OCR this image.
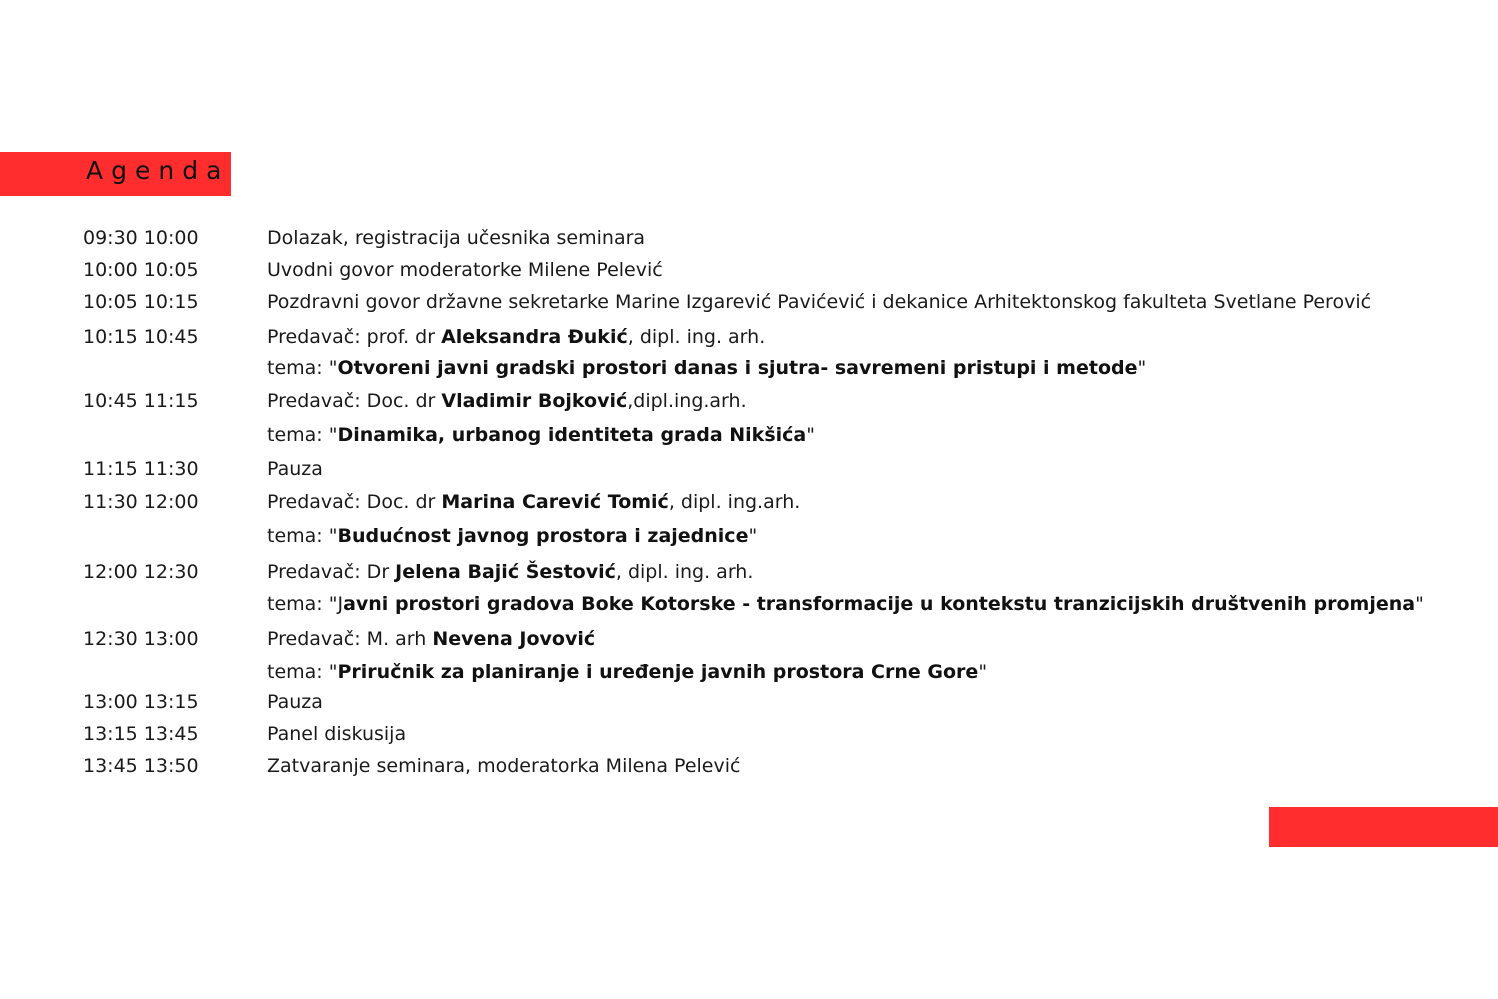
Agenda
09:30 10:00	Dolazak, registracija učesnika seminara
10:00 10:05	Uvodni govor moderatorke Milene Pelević
10:05 10:15	Pozdravni govor državne sekretarke Marine Izgarević Pavićević i dekanice Arhitektonskog fakulteta Svetlane Perović
10:15 10:45	Predavač: prof. dr Aleksandra Đukić, dipl. ing. arh.
tema: "Otvoreni javni gradski prostori danas i sjutra- savremeni pristupi i metode"
10:45 11:15	Predavač: Doc. dr Vladimir Bojković,dipl.ing.arh.
tema: "Dinamika, urbanog identiteta grada Nikšića"
11:15 11:30	Pauza
11:30 12:00	Predavač: Doc. dr Marina Carević Tomić, dipl. ing.arh.
tema: "Budućnost javnog prostora i zajednice"
12:00 12:30	Predavač: Dr Jelena Bajić Šestović, dipl. ing. arh.
tema: "Javni prostori gradova Boke Kotorske - transformacije u kontekstu tranzicijskih društvenih promjena"
12:30 13:00	Predavač: M. arh Nevena Jovović
tema: "Priručnik za planiranje i uređenje javnih prostora Crne Gore"
13:00 13:15	Pauza
13:15 13:45	Panel diskusija
13:45 13:50	Zatvaranje seminara, moderatorka Milena Pelević
